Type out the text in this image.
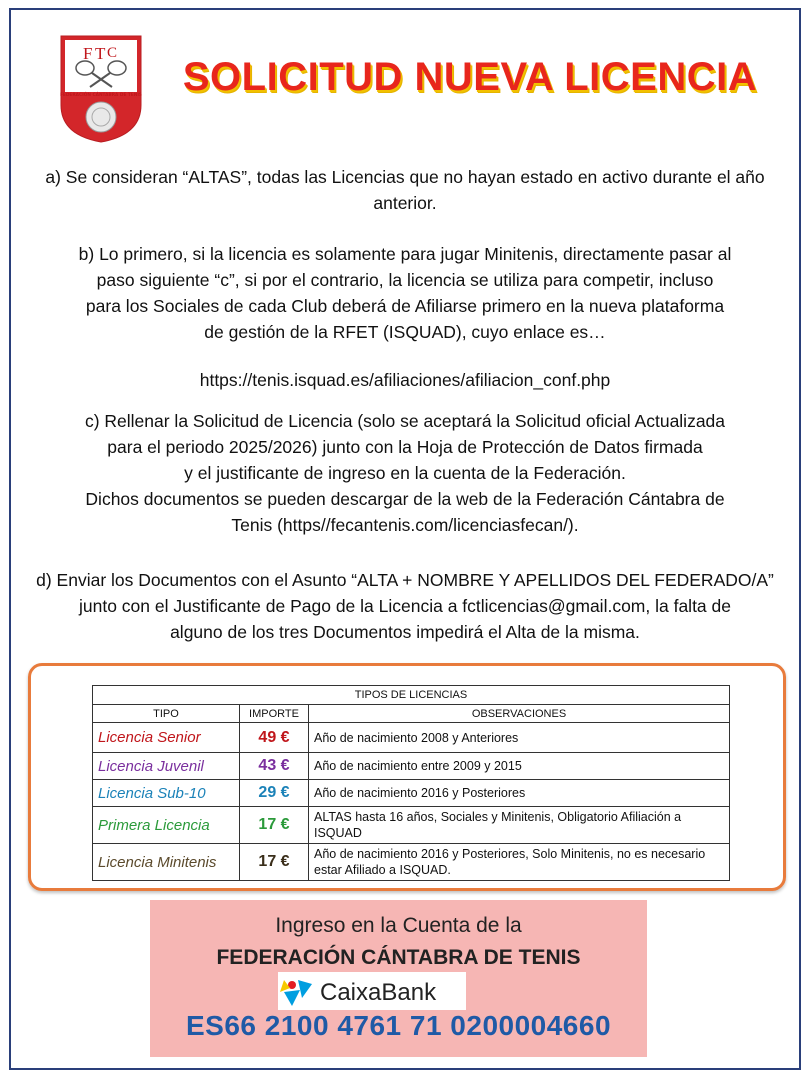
F T C
FEDERACIÓN CÁNTABRA DE TENIS	SOLICITUD NUEVA LICENCIA
a) Se consideran “ALTAS”, todas las Licencias que no hayan estado en activo durante el año
anterior.
b) Lo primero, si la licencia es solamente para jugar Minitenis, directamente pasar al
paso siguiente “c”, si por el contrario, la licencia se utiliza para competir, incluso
para los Sociales de cada Club deberá de Afiliarse primero en la nueva plataforma
de gestión de la RFET (ISQUAD), cuyo enlace es…
https://tenis.isquad.es/afiliaciones/afiliacion_conf.php
c) Rellenar la Solicitud de Licencia (solo se aceptará la Solicitud oficial Actualizada
para el periodo 2025/2026) junto con la Hoja de Protección de Datos firmada
y el justificante de ingreso en la cuenta de la Federación.
Dichos documentos se pueden descargar de la web de la Federación Cántabra de
Tenis (https//fecantenis.com/licenciasfecan/).
d) Enviar los Documentos con el Asunto “ALTA + NOMBRE Y APELLIDOS DEL FEDERADO/A”
junto con el Justificante de Pago de la Licencia a fctlicencias@gmail.com, la falta de
alguno de los tres Documentos impedirá el Alta de la misma.
TIPOS DE LICENCIAS		
TIPO	IMPORTE	OBSERVACIONES
Licencia Senior	49 €	Año de nacimiento 2008 y Anteriores
Licencia Juvenil	43 €	Año de nacimiento entre 2009 y 2015
Licencia Sub-10	29 €	Año de nacimiento 2016 y Posteriores
Primera Licencia	17 €	ALTAS hasta 16 años, Sociales y Minitenis, Obligatorio Afiliación a ISQUAD
Licencia Minitenis	17 €	Año de nacimiento 2016 y Posteriores, Solo Minitenis, no es necesario estar Afiliado a ISQUAD.
Ingreso en la Cuenta de la
FEDERACIÓN CÁNTABRA DE TENIS
CaixaBank
ES66 2100 4761 71 0200004660
